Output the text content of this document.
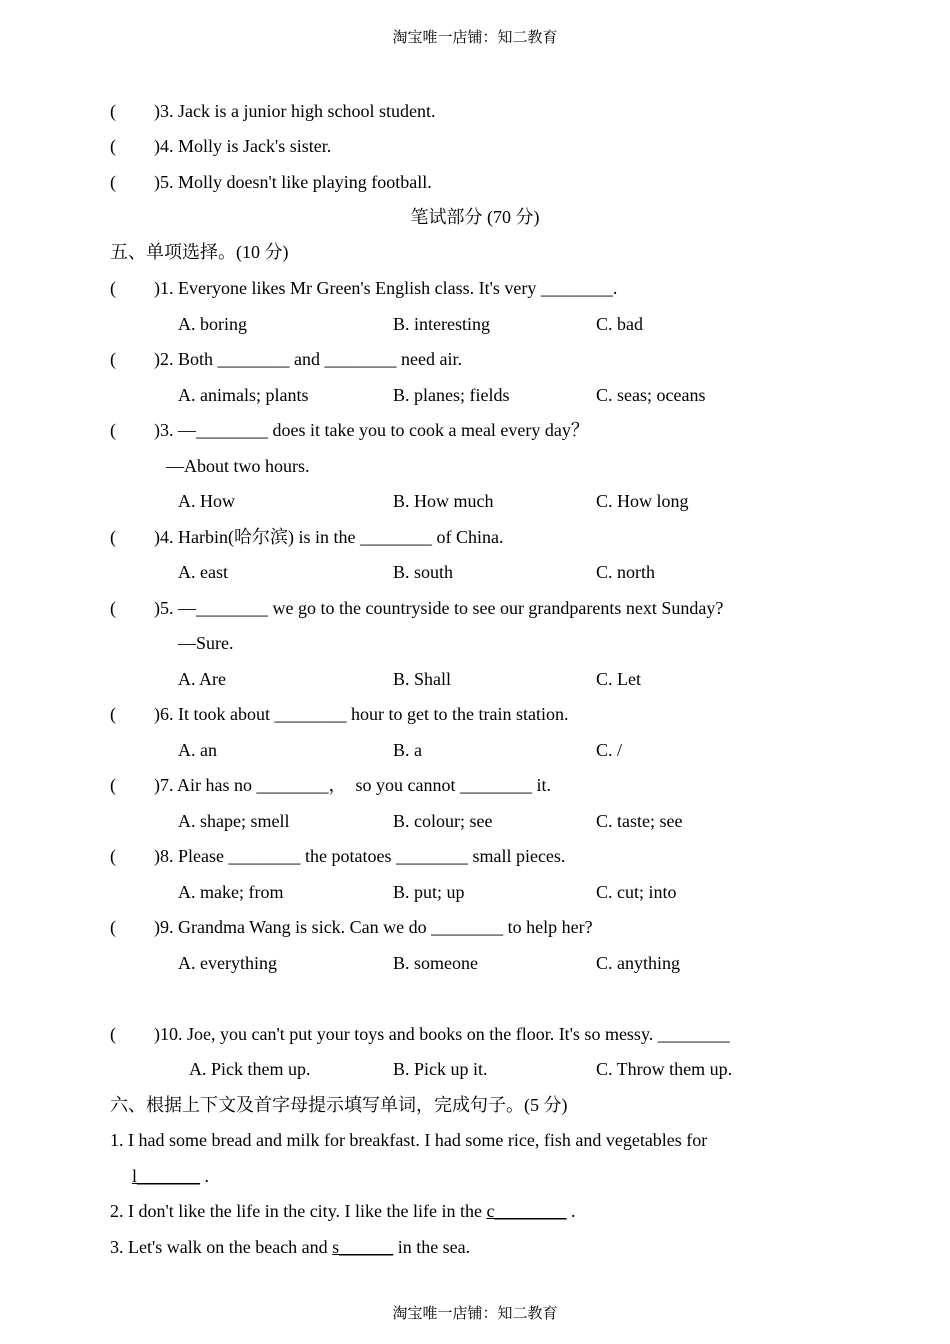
淘宝唯一店铺：知二教育
( )3. Jack is a junior high school student.
( )4. Molly is Jack's sister.
( )5. Molly doesn't like playing football.
笔试部分 (70 分)
五、单项选择。(10 分)
( )1. Everyone likes Mr Green's English class. It's very ________.
A. boring	B. interesting	C. bad
( )2. Both ________ and ________ need air.
A. animals; plants	B. planes; fields	C. seas; oceans
( )3. —________ does it take you to cook a meal every day？
—About two hours.
A. How	B. How much	C. How long
( )4. Harbin(哈尔滨) is in the ________ of China.
A. east	B. south	C. north
( )5. —________ we go to the countryside to see our grandparents next Sunday?
—Sure.
A. Are	B. Shall	C. Let
( )6. It took about ________ hour to get to the train station.
A. an	B. a	C. /
( )7. Air has no ________，  so you cannot ________ it.
A. shape; smell	B. colour; see	C. taste; see
( )8. Please ________ the potatoes ________ small pieces.
A. make; from	B. put; up	C. cut; into
( )9. Grandma Wang is sick. Can we do ________ to help her?
A. everything	B. someone	C. anything
( )10. Joe, you can't put your toys and books on the floor. It's so messy. ________
A. Pick them up.	B. Pick up it.	C. Throw them up.
六、根据上下文及首字母提示填写单词，完成句子。(5 分)
1. I had some bread and milk for breakfast. I had some rice, fish and vegetables for
l_______ .
2. I don't like the life in the city. I like the life in the c________ .
3. Let's walk on the beach and s______ in the sea.
淘宝唯一店铺：知二教育
